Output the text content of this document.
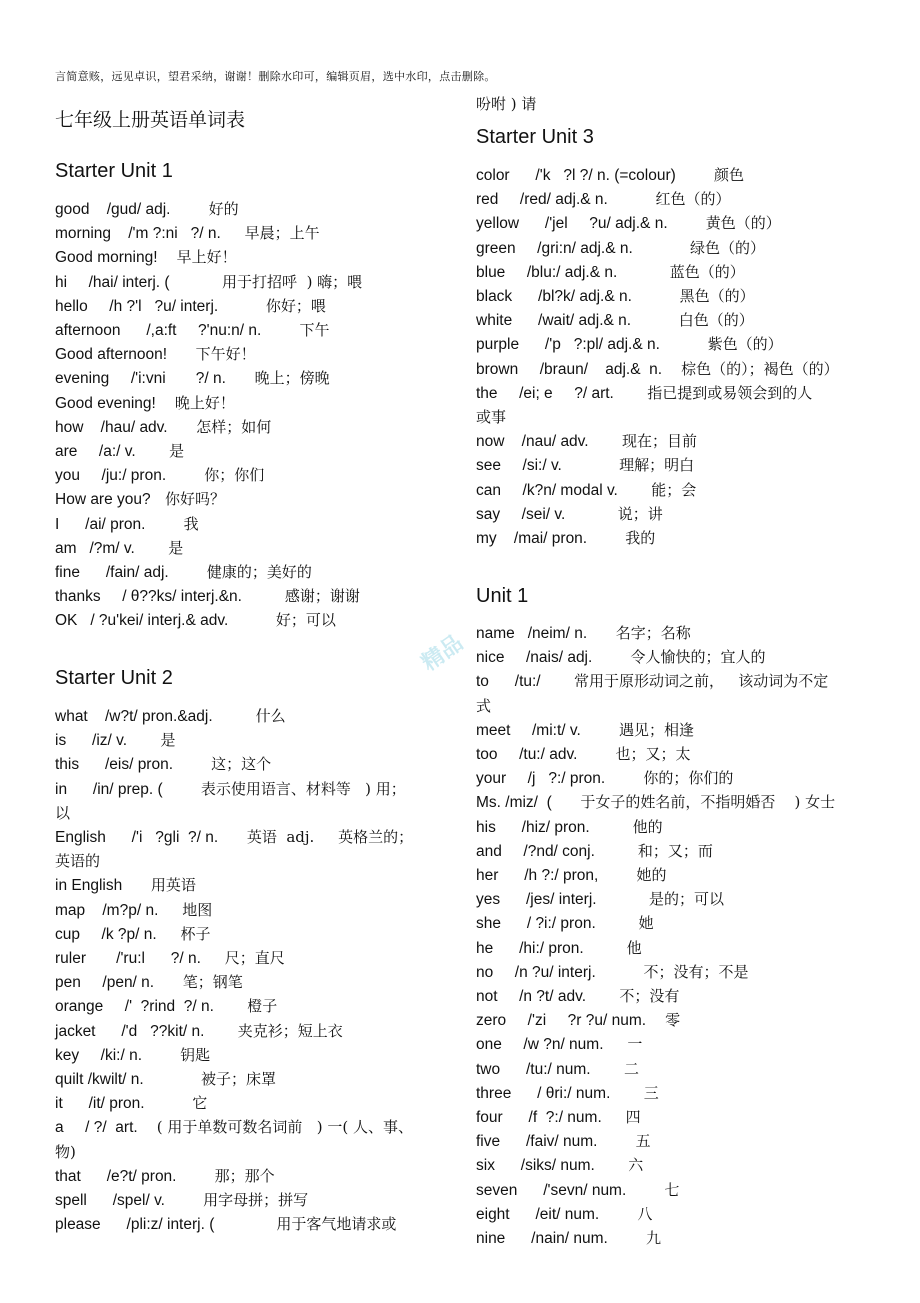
言简意赅，远见卓识，望君采纳，谢谢！删除水印可，编辑页眉，选中水印，点击删除。
七年级上册英语单词表
Starter Unit 1
good    /gud/ adj.        好的
morning    /'m ?:ni   ?/ n.     早晨；上午
Good morning!    早上好！
hi     /hai/ interj. (           用于打招呼  ) 嗨；喂
hello     /h ?'l   ?u/ interj.          你好；喂
afternoon      /,a:ft     ?'nu:n/ n.        下午
Good afternoon!      下午好！
evening     /'i:vni       ?/ n.      晚上；傍晚
Good evening!    晚上好！
how    /hau/ adv.      怎样；如何
are     /a:/ v.       是
you     /ju:/ pron.        你；你们
How are you?   你好吗？
I      /ai/ pron.        我
am   /?m/ v.       是
fine      /fain/ adj.        健康的；美好的
thanks     / θ??ks/ interj.&n.         感谢；谢谢
OK   / ?u'kei/ interj.& adv.          好；可以
Starter Unit 2
what    /w?t/ pron.&adj.         什么
is      /iz/ v.       是
this      /eis/ pron.        这；这个
in      /in/ prep. (        表示使用语言、材料等   ) 用；
以
English      /'i   ?gli  ?/ n.      英语  adj.     英格兰的；
英语的
in English      用英语
map    /m?p/ n.     地图
cup     /k ?p/ n.     杯子
ruler       /'ru:l      ?/ n.     尺；直尺
pen     /pen/ n.      笔；钢笔
orange     /'  ?rind  ?/ n.       橙子
jacket      /'d   ??kit/ n.       夹克衫；短上衣
key     /ki:/ n.        钥匙
quilt /kwilt/ n.            被子；床罩
it      /it/ pron.          它
a     / ?/  art.    ( 用于单数可数名词前   ) 一( 人、事、
物)
that      /e?t/ pron.        那；那个
spell      /spel/ v.        用字母拼；拼写
please      /pli:z/ interj. (             用于客气地请求或
吩咐 ) 请
Starter Unit 3
color      /'k   ?l ?/ n. (=colour)        颜色
red     /red/ adj.& n.          红色（的）
yellow      /'jel     ?u/ adj.& n.        黄色（的）
green     /gri:n/ adj.& n.            绿色（的）
blue     /blu:/ adj.& n.           蓝色（的）
black      /bl?k/ adj.& n.          黑色（的）
white      /wait/ adj.& n.          白色（的）
purple      /'p   ?:pl/ adj.& n.          紫色（的）
brown     /braun/    adj.&  n.    棕色（的）；褐色（的）
the     /ei; e     ?/ art.       指已提到或易领会到的人
或事
now    /nau/ adv.       现在；目前
see     /si:/ v.            理解；明白
can     /k?n/ modal v.       能；会
say     /sei/ v.           说；讲
my    /mai/ pron.        我的
Unit 1
name   /neim/ n.      名字；名称
nice     /nais/ adj.        令人愉快的；宜人的
to      /tu:/       常用于原形动词之前，   该动词为不定
式
meet     /mi:t/ v.        遇见；相逢
too     /tu:/ adv.        也；又；太
your     /j   ?:/ pron.        你的；你们的
Ms. /miz/  (      于女子的姓名前，不指明婚否    ) 女士
his      /hiz/ pron.         他的
and     /?nd/ conj.         和；又；而
her      /h ?:/ pron,        她的
yes      /jes/ interj.           是的；可以
she      / ?i:/ pron.         她
he      /hi:/ pron.         他
no     /n ?u/ interj.          不；没有；不是
not     /n ?t/ adv.       不；没有
zero     /'zi     ?r ?u/ num.    零
one     /w ?n/ num.     一
two      /tu:/ num.       二
three      / θri:/ num.       三
four      /f  ?:/ num.     四
five      /faiv/ num.        五
six      /siks/ num.       六
seven      /'sevn/ num.        七
eight      /eit/ num.        八
nine      /nain/ num.        九
精品
